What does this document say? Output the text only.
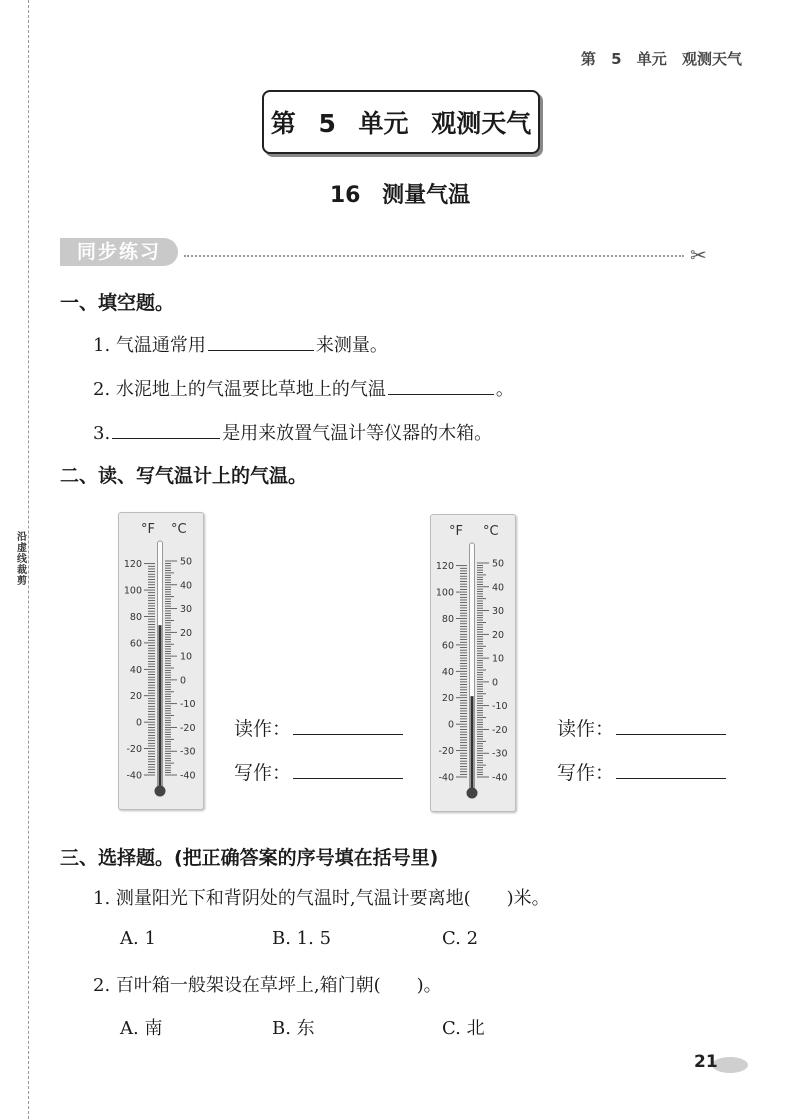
沿虚线裁剪
第 5 单元 观测天气
第 5 单元 观测天气
16 测量气温
同步练习	✂
一、填空题。
1. 气温通常用	来测量。
2. 水泥地上的气温要比草地上的气温	。
3.	是用来放置气温计等仪器的木箱。
二、读、写气温计上的气温。
°F °C
120
100
80
60
40
20
0
-20
-40
50
40
30
20
10
0
-10
-20
-30
-40
°F °C
120
100
80
60
40
20
0
-20
-40
50
40
30
20
10
0
-10
-20
-30
-40
读作：
写作：
读作：
写作：
三、选择题。(把正确答案的序号填在括号里)
1. 测量阳光下和背阴处的气温时,气温计要离地(　　)米。
A. 1	B. 1. 5	C. 2
2. 百叶箱一般架设在草坪上,箱门朝(　　)。
A. 南	B. 东	C. 北
21
